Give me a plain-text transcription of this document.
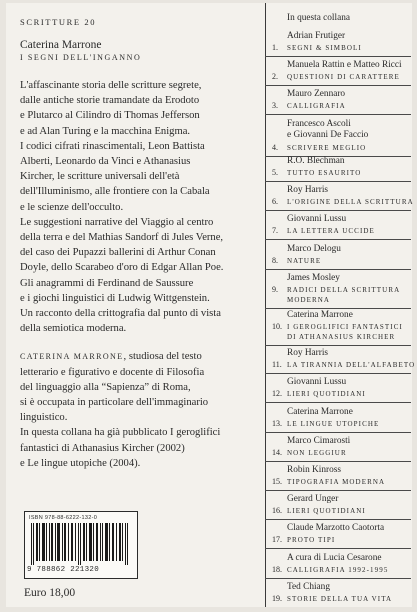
SCRITTURE 20
Caterina Marrone
I SEGNI DELL'INGANNO

L'affascinante storia delle scritture segrete,

dalle antiche storie tramandate da Erodoto

e Plutarco al Cilindro di Thomas Jefferson

e ad Alan Turing e la macchina Enigma.

I codici cifrati rinascimentali, Leon Battista

Alberti, Leonardo da Vinci e Athanasius

Kircher, le scritture universali dell'età

dell'Illuminismo, alle frontiere con la Cabala

e le scienze dell'occulto.

Le suggestioni narrative del Viaggio al centro

della terra e del Mathias Sandorf di Jules Verne,

del caso dei Pupazzi ballerini di Arthur Conan

Doyle, dello Scarabeo d'oro di Edgar Allan Poe.

Gli anagrammi di Ferdinand de Saussure

e i giochi linguistici di Ludwig Wittgenstein.

Un racconto della crittografia dal punto di vista

della semiotica moderna.

CATERINA MARRONE, studiosa del testo

letterario e figurativo e docente di Filosofia

del linguaggio alla “Sapienza” di Roma,

si è occupata in particolare dell'immaginario

linguistico.

In questa collana ha già pubblicato I geroglifici

fantastici di Athanasius Kircher (2002)

e Le lingue utopiche (2004).

ISBN 978-88-6222-132-0
9 788862 221320
Euro 18,00
In questa collana
Adrian Frutiger
1. SEGNI & SIMBOLI
Manuela Rattin e Matteo Ricci
2. QUESTIONI DI CARATTERE
Mauro Zennaro
3. CALLIGRAFIA
Francesco Ascoli
e Giovanni De Faccio
4. SCRIVERE MEGLIO
R.O. Blechman
5. TUTTO ESAURITO
Roy Harris
6. L'ORIGINE DELLA SCRITTURA
Giovanni Lussu
7. LA LETTERA UCCIDE
Marco Delogu
8. NATURE
James Mosley
9. RADICI DELLA SCRITTURA MODERNA
Caterina Marrone
10. I GEROGLIFICI FANTASTICI DI ATHANASIUS KIRCHER
Roy Harris
11. LA TIRANNIA DELL'ALFABETO
Giovanni Lussu
12. LIERI QUOTIDIANI
Caterina Marrone
13. LE LINGUE UTOPICHE
Marco Cimarosti
14. NON LEGGIUR
Robin Kinross
15. TIPOGRAFIA MODERNA
Gerard Unger
16. LIERI QUOTIDIANI
Claude Marzotto Caotorta
17. PROTO TIPI
A cura di Lucia Cesarone
18. CALLIGRAFIA 1992-1995
Ted Chiang
19. STORIE DELLA TUA VITA
